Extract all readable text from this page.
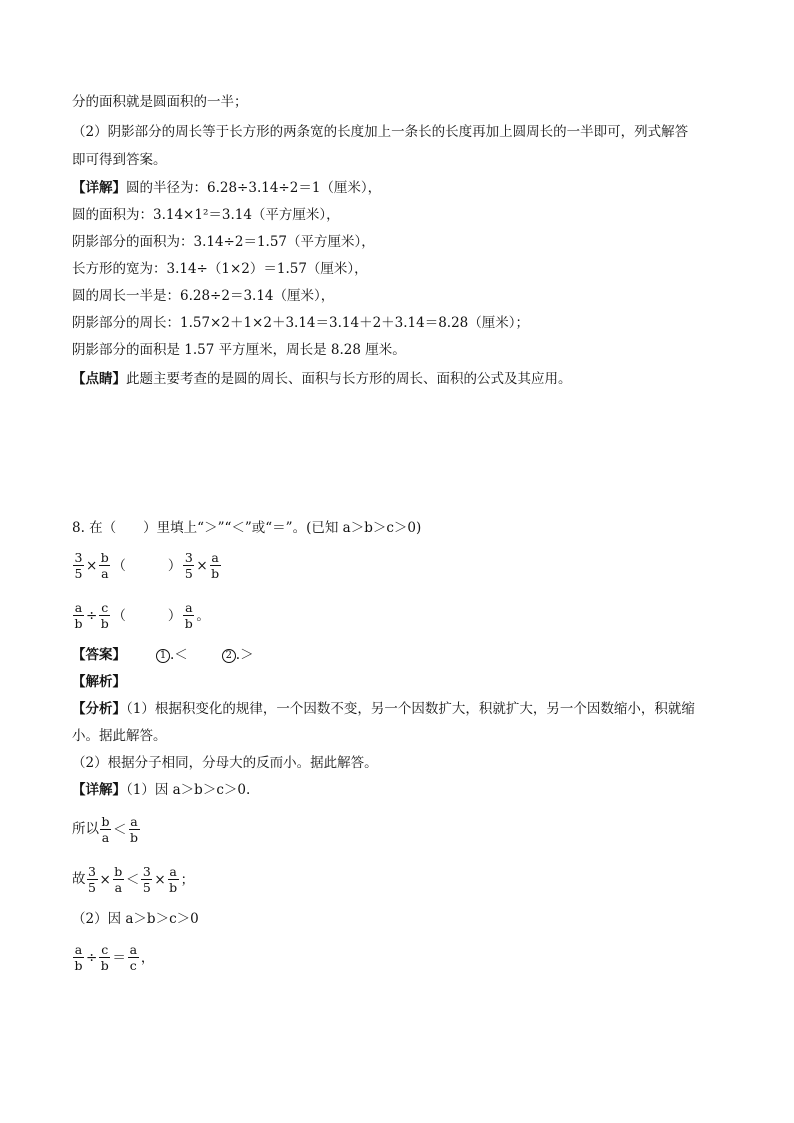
分的面积就是圆面积的一半；
（2）阴影部分的周长等于长方形的两条宽的长度加上一条长的长度再加上圆周长的一半即可，列式解答
即可得到答案。
【详解】圆的半径为：6.28÷3.14÷2＝1（厘米），
圆的面积为：3.14×1²＝3.14（平方厘米），
阴影部分的面积为：3.14÷2＝1.57（平方厘米），
长方形的宽为：3.14÷（1×2）＝1.57（厘米），
圆的周长一半是：6.28÷2＝3.14（厘米），
阴影部分的周长：1.57×2＋1×2＋3.14＝3.14＋2＋3.14＝8.28（厘米）；
阴影部分的面积是 1.57 平方厘米，周长是 8.28 厘米。
【点睛】此题主要考查的是圆的周长、面积与长方形的周长、面积的公式及其应用。
8. 在（　　）里填上“＞”“＜”或“＝”。(已知 a＞b＞c＞0)
$\frac{3}{5} \times \frac{b}{a}$ （	） $\frac{3}{5} \times \frac{a}{b}$
$\frac{a}{b} \div \frac{c}{b}$ （	） $\frac{a}{b}$ 。
【答案】	1 .＜	2 .＞
【解析】
【分析】（1）根据积变化的规律，一个因数不变，另一个因数扩大，积就扩大，另一个因数缩小，积就缩
小。据此解答。
（2）根据分子相同，分母大的反而小。据此解答。
【详解】（1）因 a＞b＞c＞0.
所以 $\frac{b}{a} < \frac{a}{b}$
故 $\frac{3}{5} \times \frac{b}{a} < \frac{3}{5} \times \frac{a}{b}$ ；
（2）因 a＞b＞c＞0
$\frac{a}{b} \div \frac{c}{b} = \frac{a}{c}$ ，
